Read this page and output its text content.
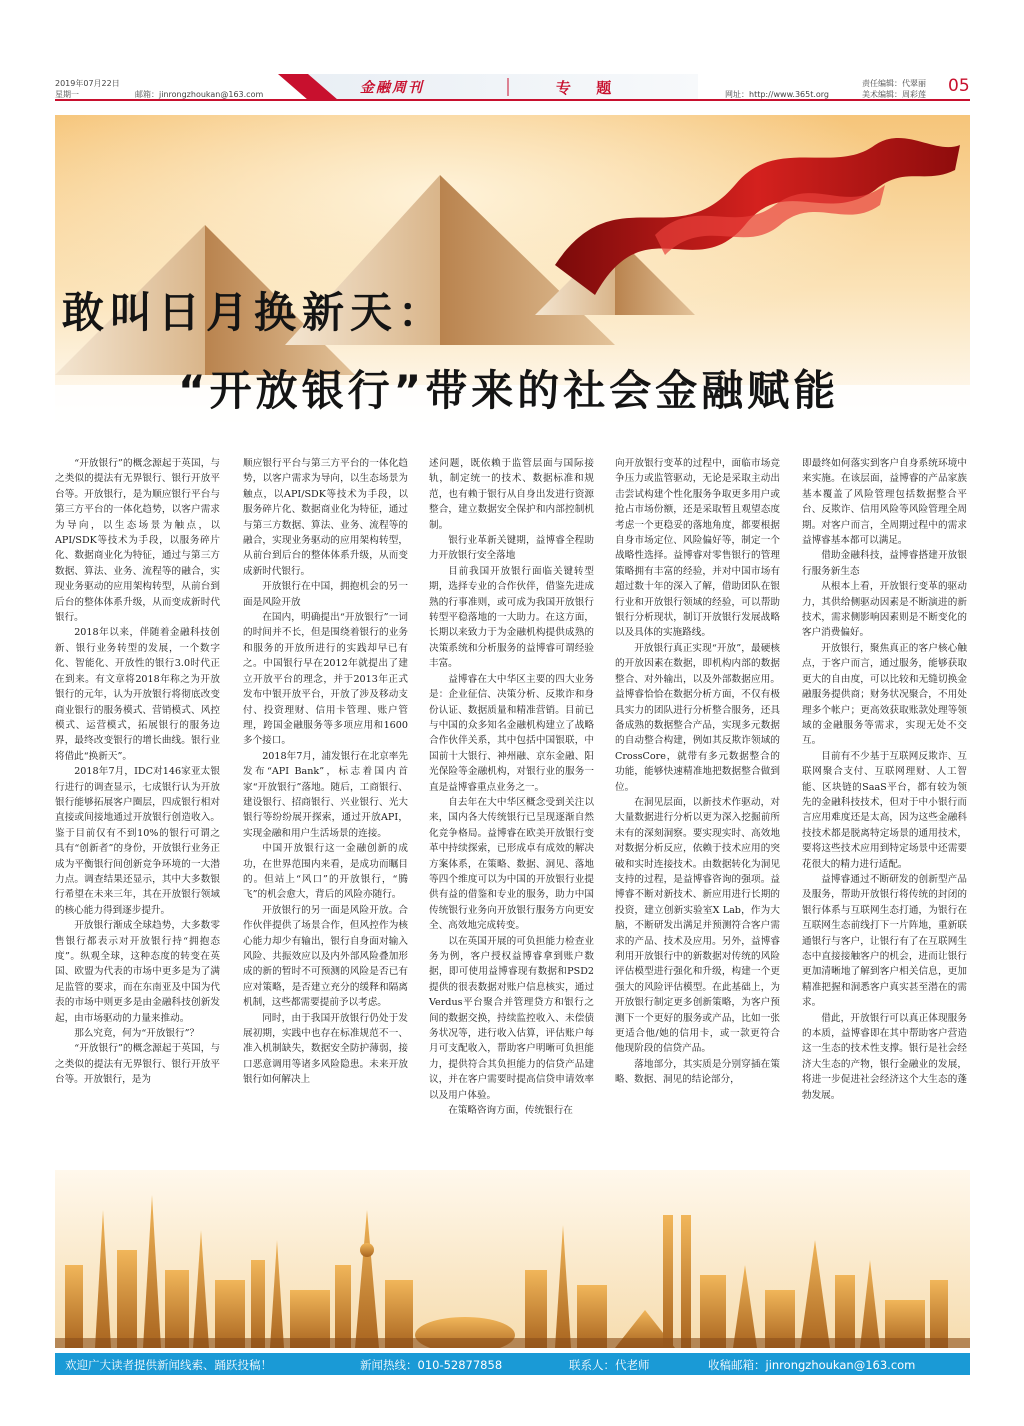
2019年07月22日
星期一	邮箱：jinrongzhoukan@163.com	金融周刊	专 题	网址：http://www.365t.org
责任编辑：代翠丽
美术编辑：周彩莲 05
敢叫日月换新天：
“开放银行”带来的社会金融赋能

“开放银行”的概念源起于英国，与之类似的提法有无界银行、银行开放平台等。开放银行，是为顺应银行平台与第三方平台的一体化趋势，以客户需求为导向，以生态场景为触点，以API/SDK等技术为手段，以服务碎片化、数据商业化为特征，通过与第三方数据、算法、业务、流程等的融合，实现业务驱动的应用架构转型，从前台到后台的整体体系升级，从而变成新时代银行。

2018年以来，伴随着金融科技创新、银行业务转型的发展，一个数字化、智能化、开放性的银行3.0时代正在到来。有文章将2018年称之为开放银行的元年，认为开放银行将彻底改变商业银行的服务模式、营销模式、风控模式、运营模式，拓展银行的服务边界，最终改变银行的增长曲线。银行业将借此“换新天”。

2018年7月，IDC对146家亚太银行进行的调查显示，七成银行认为开放银行能够拓展客户圈层，四成银行相对直接或间接地通过开放银行创造收入。鉴于目前仅有不到10%的银行可谓之具有“创新者”的身份，开放银行业务正成为平衡银行间创新竞争环境的一大潜力点。调查结果还显示，其中大多数银行希望在未来三年，其在开放银行领域的核心能力得到逐步提升。

开放银行渐成全球趋势，大多数零售银行都表示对开放银行持“拥抱态度”。纵观全球，这种态度的转变在英国、欧盟为代表的市场中更多是为了满足监管的要求，而在东南亚及中国为代表的市场中则更多是由金融科技创新发起，由市场驱动的力量来推动。

那么究竟，何为“开放银行”？

“开放银行”的概念源起于英国，与之类似的提法有无界银行、银行开放平台等。开放银行，是为

顺应银行平台与第三方平台的一体化趋势，以客户需求为导向，以生态场景为触点，以API/SDK等技术为手段，以服务碎片化、数据商业化为特征，通过与第三方数据、算法、业务、流程等的融合，实现业务驱动的应用架构转型，从前台到后台的整体体系升级，从而变成新时代银行。

开放银行在中国，拥抱机会的另一面是风险开放

在国内，明确提出“开放银行”一词的时间并不长，但是围绕着银行的业务和服务的开放所进行的实践却早已有之。中国银行早在2012年就提出了建立开放平台的理念，并于2013年正式发布中银开放平台，开放了涉及移动支付、投资理财、信用卡管理、账户管理，跨国金融服务等多项应用和1600多个接口。

2018年7月，浦发银行在北京率先发布“API Bank”，标志着国内首家“开放银行”落地。随后，工商银行、建设银行、招商银行、兴业银行、光大银行等纷纷展开探索，通过开放API，实现金融和用户生活场景的连接。

中国开放银行这一金融创新的成功，在世界范围内来看，是成功而瞩目的。但站上“风口”的开放银行，“腾飞”的机会愈大，背后的风险亦随行。

开放银行的另一面是风险开放。合作伙伴提供了场景合作，但风控作为核心能力却少有输出，银行自身面对输入风险、共振效应以及内外部风险叠加形成的新的暂时不可预测的风险是否已有应对策略，是否建立充分的缓释和隔离机制，这些都需要提前予以考虑。

同时，由于我国开放银行仍处于发展初期，实践中也存在标准规范不一、准入机制缺失，数据安全防护薄弱，接口恶意调用等诸多风险隐患。未来开放银行如何解决上

述问题，既依赖于监管层面与国际接轨，制定统一的技术、数据标准和规范，也有赖于银行从自身出发进行资源整合，建立数据安全保护和内部控制机制。

银行业革新关键期，益博睿全程助力开放银行安全落地

目前我国开放银行面临关键转型期，选择专业的合作伙伴，借鉴先进成熟的行事准则，或可成为我国开放银行转型平稳落地的一大助力。在这方面，长期以来致力于为金融机构提供成熟的决策系统和分析服务的益博睿可谓经验丰富。

益博睿在大中华区主要的四大业务是：企业征信、决策分析、反欺诈和身份认证、数据质量和精准营销。目前已与中国的众多知名金融机构建立了战略合作伙伴关系，其中包括中国银联，中国前十大银行、神州融、京东金融、阳光保险等金融机构，对银行业的服务一直是益博睿重点业务之一。

自去年在大中华区概念受到关注以来，国内各大传统银行已呈现逐渐自然化竞争格局。益博睿在欧美开放银行变革中持续探索，已形成卓有成效的解决方案体系，在策略、数据、洞见、落地等四个维度可以为中国的开放银行业提供有益的借鉴和专业的服务，助力中国传统银行业务向开放银行服务方向更安全、高效地完成转变。

以在英国开展的可负担能力检查业务为例，客户授权益博睿拿到账户数据，即可使用益博睿现有数据和PSD2提供的很表数据对账户信息核实，通过Verdus平台聚合并管理贷方和银行之间的数据交换，持续监控收入、未偿债务状况等，进行收入估算，评估账户每月可支配收入，帮助客户明晰可负担能力，提供符合其负担能力的信贷产品建议，并在客户需要时提高信贷申请效率以及用户体验。

在策略咨询方面，传统银行在

向开放银行变革的过程中，面临市场竞争压力或监管驱动，无论是采取主动出击尝试构建个性化服务争取更多用户或抢占市场份额，还是采取暂且观望态度考虑一个更稳妥的落地角度，都要根据自身市场定位、风险偏好等，制定一个战略性选择。益博睿对零售银行的管理策略拥有丰富的经验，并对中国市场有超过数十年的深入了解，借助团队在银行业和开放银行领域的经验，可以帮助银行分析现状，制订开放银行发展战略以及具体的实施路线。

开放银行真正实现“开放”，最硬核的开放因素在数据，即机构内部的数据整合、对外输出，以及外部数据应用。益博睿恰恰在数据分析方面，不仅有极具实力的团队进行分析整合服务，还具备成熟的数据整合产品，实现多元数据的自动整合构建，例如其反欺诈领域的CrossCore，就带有多元数据整合的功能，能够快速精准地把数据整合做到位。

在洞见层面，以新技术作驱动，对大量数据进行分析以更为深入挖掘前所未有的深刻洞察。要实现实时、高效地对数据分析反应，依赖于技术应用的突破和实时连接技术。由数据转化为洞见支持的过程，是益博睿咨询的强项。益博睿不断对新技术、新应用进行长期的投资，建立创新实验室X Lab，作为大脑，不断研发出满足并预测符合客户需求的产品、技术及应用。另外，益博睿利用开放银行中的新数据对传统的风险评估模型进行强化和升级，构建一个更强大的风险评估模型。在此基础上，为开放银行制定更多创新策略，为客户预测下一个更好的服务或产品，比如一张更适合他/她的信用卡，或一款更符合他现阶段的信贷产品。

落地部分，其实质是分别穿插在策略、数据、洞见的结论部分，

即最终如何落实到客户自身系统环境中来实施。在该层面，益博睿的产品家族基本覆盖了风险管理包括数据整合平台、反欺诈、信用风险等风险管理全周期。对客户而言，全周期过程中的需求益博睿基本都可以满足。

借助金融科技，益博睿搭建开放银行服务新生态

从根本上看，开放银行变革的驱动力，其供给侧驱动因素是不断演进的新技术，需求侧影响因素则是不断变化的客户消费偏好。

开放银行，聚焦真正的客户核心触点，于客户而言，通过服务，能够获取更大的自由度，可以比较和无缝切换金融服务提供商；财务状况聚合，不用处理多个帐户；更高效获取账款处理等领域的金融服务等需求，实现无处不交互。

目前有不少基于互联网反欺诈、互联网聚合支付、互联网理财、人工智能、区块链的SaaS平台，都有较为领先的金融科技技术，但对于中小银行而言应用难度还是太高，因为这些金融科技技术都是脱离特定场景的通用技术，要将这些技术应用到特定场景中还需要花很大的精力进行适配。

益博睿通过不断研发的创新型产品及服务，帮助开放银行将传统的封闭的银行体系与互联网生态打通，为银行在互联网生态前线打下一片阵地，重新联通银行与客户，让银行有了在互联网生态中直接接触客户的机会，进而让银行更加清晰地了解到客户相关信息，更加精准把握和洞悉客户真实甚至潜在的需求。

借此，开放银行可以真正体现服务的本质，益博睿即在其中帮助客户营造这一生态的技术性支撑。银行是社会经济大生态的产物，银行金融业的发展，将进一步促进社会经济这个大生态的蓬勃发展。

欢迎广大读者提供新闻线索、踊跃投稿！	新闻热线：010-52877858	联系人：代老师	收稿邮箱：jinrongzhoukan@163.com
